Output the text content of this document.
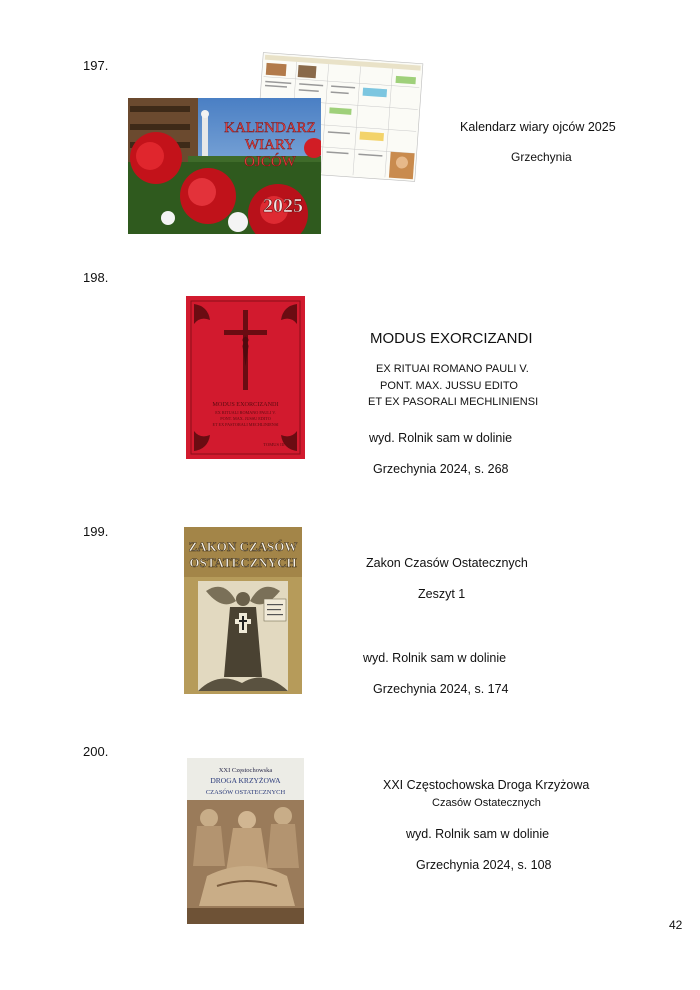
197.
KALENDARZ
WIARY
OJCÓW
2025
Kalendarz wiary ojców 2025
Grzechynia
198.
MODUS EXORCIZANDI
EX RITUALI ROMANO PAULI V.
PONT. MAX. JUSSU EDITO
ET EX PASTORALI MECHLINIENSI
TOMUS III
MODUS EXORCIZANDI
EX RITUAI ROMANO PAULI V.
PONT. MAX. JUSSU EDITO
ET EX PASORALI MECHLINIENSI
wyd. Rolnik sam w dolinie
Grzechynia 2024, s. 268
199.
ZAKON CZASÓW
OSTATECZNYCH	Zakon Czasów Ostatecznych
Zeszyt 1
wyd. Rolnik sam w dolinie
Grzechynia 2024, s. 174
200.
XXI Częstochowska
DROGA KRZYŻOWA
CZASÓW OSTATECZNYCH
XXI Częstochowska Droga Krzyżowa
Czasów Ostatecznych
wyd. Rolnik sam w dolinie
Grzechynia 2024, s. 108
42
